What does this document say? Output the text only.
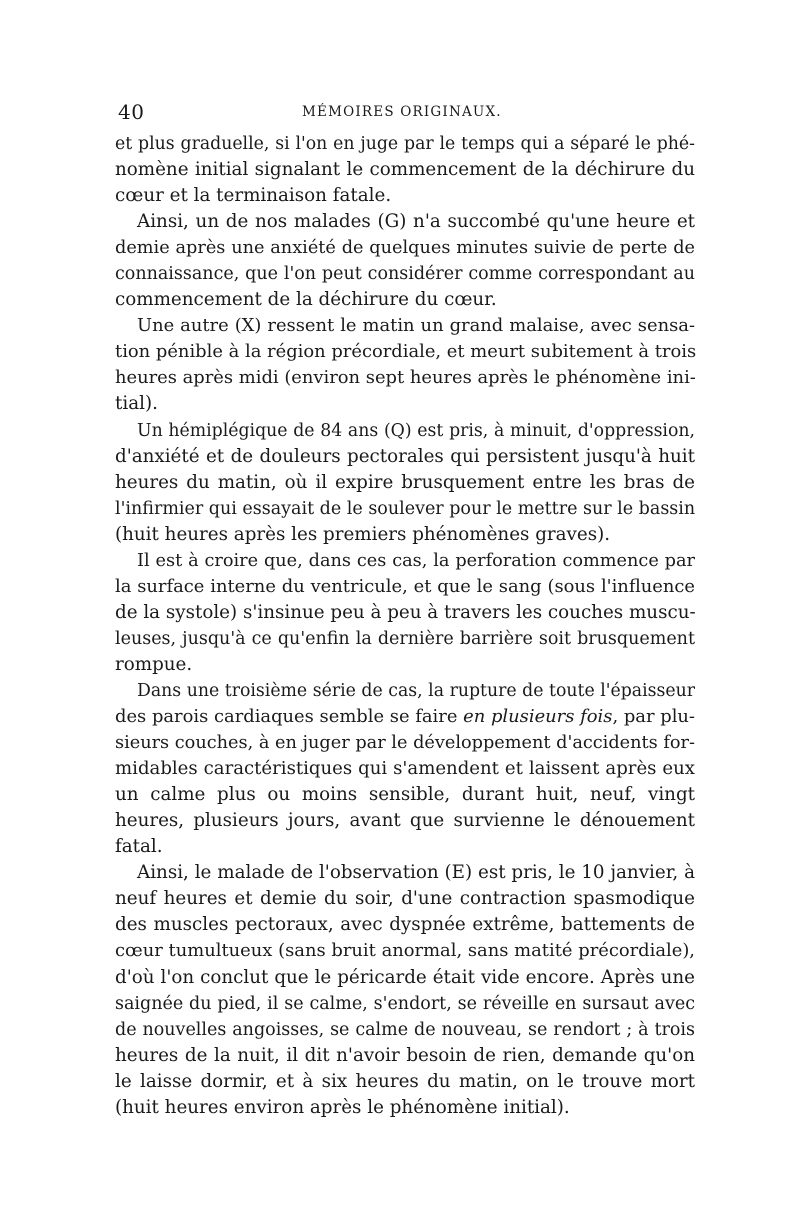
40	MÉMOIRES ORIGINAUX.
et plus graduelle, si l'on en juge par le temps qui a séparé le phé-
nomène initial signalant le commencement de la déchirure du
cœur et la terminaison fatale.
Ainsi, un de nos malades (G) n'a succombé qu'une heure et
demie après une anxiété de quelques minutes suivie de perte de
connaissance, que l'on peut considérer comme correspondant au
commencement de la déchirure du cœur.
Une autre (X) ressent le matin un grand malaise, avec sensa-
tion pénible à la région précordiale, et meurt subitement à trois
heures après midi (environ sept heures après le phénomène ini-
tial).
Un hémiplégique de 84 ans (Q) est pris, à minuit, d'oppression,
d'anxiété et de douleurs pectorales qui persistent jusqu'à huit
heures du matin, où il expire brusquement entre les bras de
l'infirmier qui essayait de le soulever pour le mettre sur le bassin
(huit heures après les premiers phénomènes graves).
Il est à croire que, dans ces cas, la perforation commence par
la surface interne du ventricule, et que le sang (sous l'influence
de la systole) s'insinue peu à peu à travers les couches muscu-
leuses, jusqu'à ce qu'enfin la dernière barrière soit brusquement
rompue.
Dans une troisième série de cas, la rupture de toute l'épaisseur
des parois cardiaques semble se faire en plusieurs fois, par plu-
sieurs couches, à en juger par le développement d'accidents for-
midables caractéristiques qui s'amendent et laissent après eux
un calme plus ou moins sensible, durant huit, neuf, vingt
heures, plusieurs jours, avant que survienne le dénouement
fatal.
Ainsi, le malade de l'observation (E) est pris, le 10 janvier, à
neuf heures et demie du soir, d'une contraction spasmodique
des muscles pectoraux, avec dyspnée extrême, battements de
cœur tumultueux (sans bruit anormal, sans matité précordiale),
d'où l'on conclut que le péricarde était vide encore. Après une
saignée du pied, il se calme, s'endort, se réveille en sursaut avec
de nouvelles angoisses, se calme de nouveau, se rendort ; à trois
heures de la nuit, il dit n'avoir besoin de rien, demande qu'on
le laisse dormir, et à six heures du matin, on le trouve mort
(huit heures environ après le phénomène initial).
